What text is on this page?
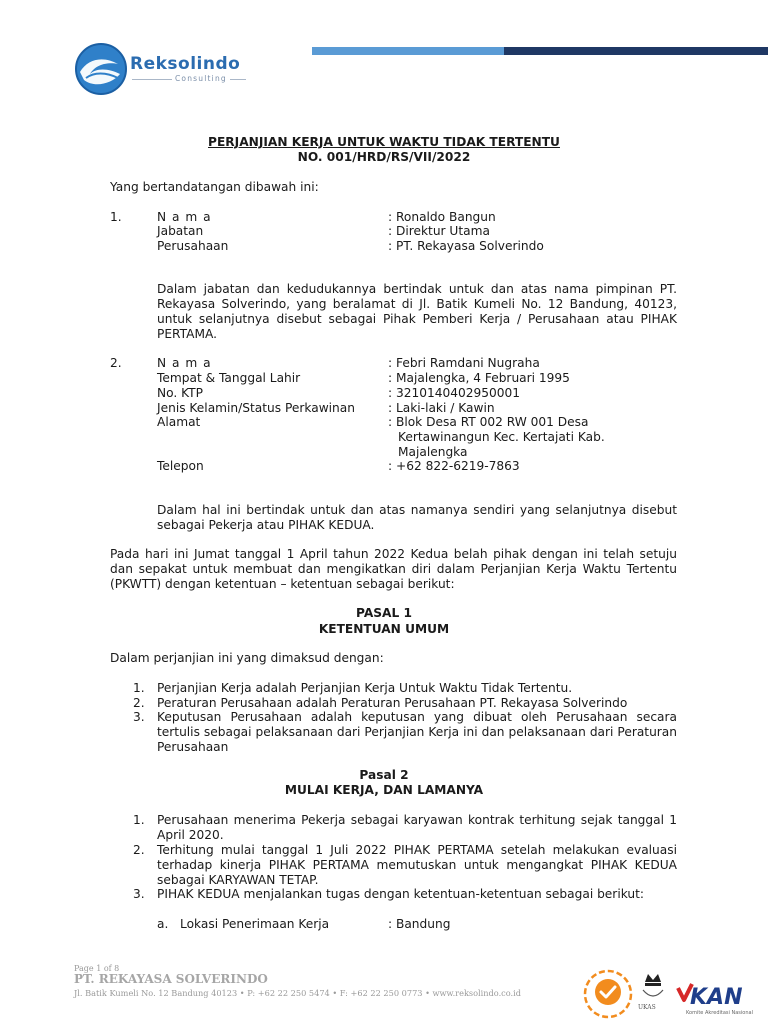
Reksolindo
Consulting
PERJANJIAN KERJA UNTUK WAKTU TIDAK TERTENTU
NO. 001/HRD/RS/VII/2022
Yang bertandatangan dibawah ini:
1.	N a m a	: Ronaldo Bangun
Jabatan	: Direktur Utama
Perusahaan	: PT. Rekayasa Solverindo
Dalam jabatan dan kedudukannya bertindak untuk dan atas nama pimpinan PT. Rekayasa Solverindo, yang beralamat di Jl. Batik Kumeli No. 12 Bandung, 40123, untuk selanjutnya disebut sebagai Pihak Pemberi Kerja / Perusahaan atau PIHAK PERTAMA.
2.	N a m a	: Febri Ramdani Nugraha
Tempat & Tanggal Lahir	: Majalengka, 4 Februari 1995
No. KTP	: 3210140402950001
Jenis Kelamin/Status Perkawinan	: Laki-laki / Kawin
Alamat	: Blok Desa RT 002 RW 001 Desa
Kertawinangun Kec. Kertajati Kab.
Majalengka
Telepon	: +62 822-6219-7863
Dalam hal ini bertindak untuk dan atas namanya sendiri yang selanjutnya disebut sebagai Pekerja atau PIHAK KEDUA.
Pada hari ini Jumat tanggal 1 April tahun 2022 Kedua belah pihak dengan ini telah setuju dan sepakat untuk membuat dan mengikatkan diri dalam Perjanjian Kerja Waktu Tertentu (PKWTT) dengan ketentuan – ketentuan sebagai berikut:
PASAL 1
KETENTUAN UMUM
Dalam perjanjian ini yang dimaksud dengan:
1. Perjanjian Kerja adalah Perjanjian Kerja Untuk Waktu Tidak Tertentu.
2. Peraturan Perusahaan adalah Peraturan Perusahaan PT. Rekayasa Solverindo
3. Keputusan Perusahaan adalah keputusan yang dibuat oleh Perusahaan secara tertulis sebagai pelaksanaan dari Perjanjian Kerja ini dan pelaksanaan dari Peraturan Perusahaan
Pasal 2
MULAI KERJA, DAN LAMANYA
1. Perusahaan menerima Pekerja sebagai karyawan kontrak terhitung sejak tanggal 1 April 2020.
2. Terhitung mulai tanggal 1 Juli 2022 PIHAK PERTAMA setelah melakukan evaluasi terhadap kinerja PIHAK PERTAMA memutuskan untuk mengangkat PIHAK KEDUA sebagai KARYAWAN TETAP.
3. PIHAK KEDUA menjalankan tugas dengan ketentuan-ketentuan sebagai berikut:
a. Lokasi Penerimaan Kerja	: Bandung
Page 1 of 8
PT. REKAYASA SOLVERINDO
Jl. Batik Kumeli No. 12 Bandung 40123 • P: +62 22 250 5474 • F: +62 22 250 0773 • www.reksolindo.co.id
UKAS KAN
Komite Akreditasi Nasional
